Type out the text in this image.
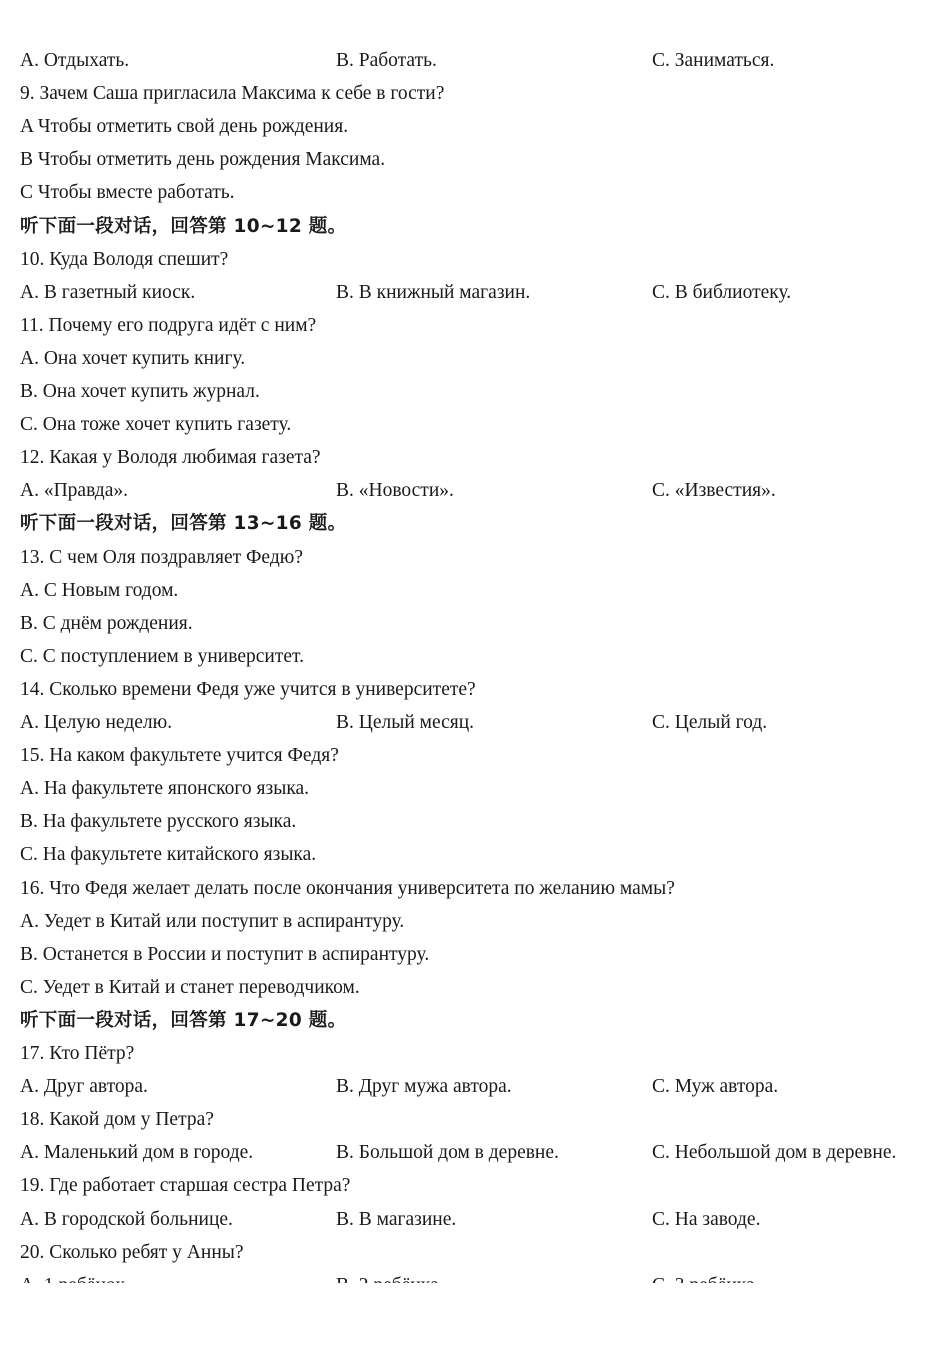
A. Отдыхать.	B. Работать.	C. Заниматься.
9. Зачем Саша пригласила Максима к себе в гости?
A Чтобы отметить свой день рождения.
B Чтобы отметить день рождения Максима.
C Чтобы вместе работать.
听下面一段对话，回答第 10~12 题。
10. Куда Володя спешит?
A. В газетный киоск.	B. В книжный магазин.	C. В библиотеку.
11. Почему его подруга идёт с ним?
A. Она хочет купить книгу.
B. Она хочет купить журнал.
C. Она тоже хочет купить газету.
12. Какая у Володя любимая газета?
A. «Правда».	B. «Новости».	C. «Известия».
听下面一段对话，回答第 13~16 题。
13. С чем Оля поздравляет Федю?
A. С Новым годом.
B. С днём рождения.
C. С поступлением в университет.
14. Сколько времени Федя уже учится в университете?
A. Целую неделю.	B. Целый месяц.	C. Целый год.
15. На каком факультете учится Федя?
A. На факультете японского языка.
B. На факультете русского языка.
C. На факультете китайского языка.
16. Что Федя желает делать после окончания университета по желанию мамы?
A. Уедет в Китай или поступит в аспирантуру.
B. Останется в России и поступит в аспирантуру.
C. Уедет в Китай и станет переводчиком.
听下面一段对话，回答第 17~20 题。
17. Кто Пётр?
A. Друг автора.	B. Друг мужа автора.	C. Муж автора.
18. Какой дом у Петра?
A. Маленький дом в городе.	B. Большой дом в деревне.	C. Небольшой дом в деревне.
19. Где работает старшая сестра Петра?
A. В городской больнице.	B. В магазине.	C. На заводе.
20. Сколько ребят у Анны?
